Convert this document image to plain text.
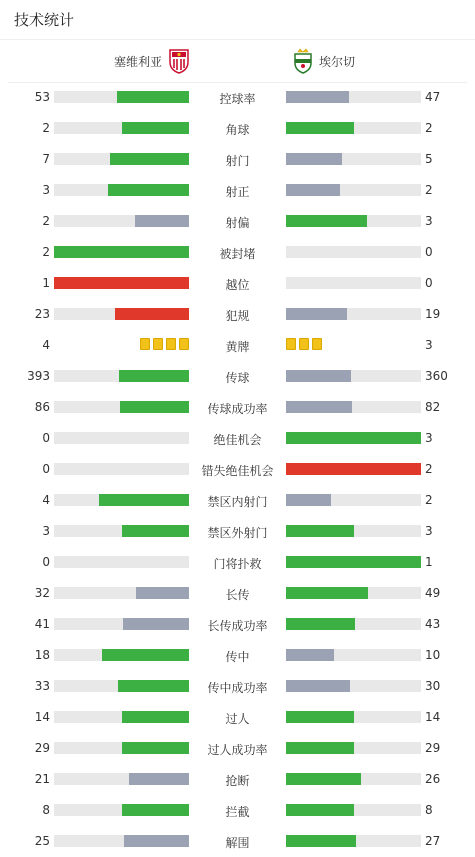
技术统计
塞维利亚	埃尔切
53	控球率	47
2	角球	2
7	射门	5
3	射正	2
2	射偏	3
2	被封堵	0
1	越位	0
23	犯规	19
4	黄牌	3
393	传球	360
86	传球成功率	82
0	绝佳机会	3
0	错失绝佳机会	2
4	禁区内射门	2
3	禁区外射门	3
0	门将扑救	1
32	长传	49
41	长传成功率	43
18	传中	10
33	传中成功率	30
14	过人	14
29	过人成功率	29
21	抢断	26
8	拦截	8
25	解围	27
